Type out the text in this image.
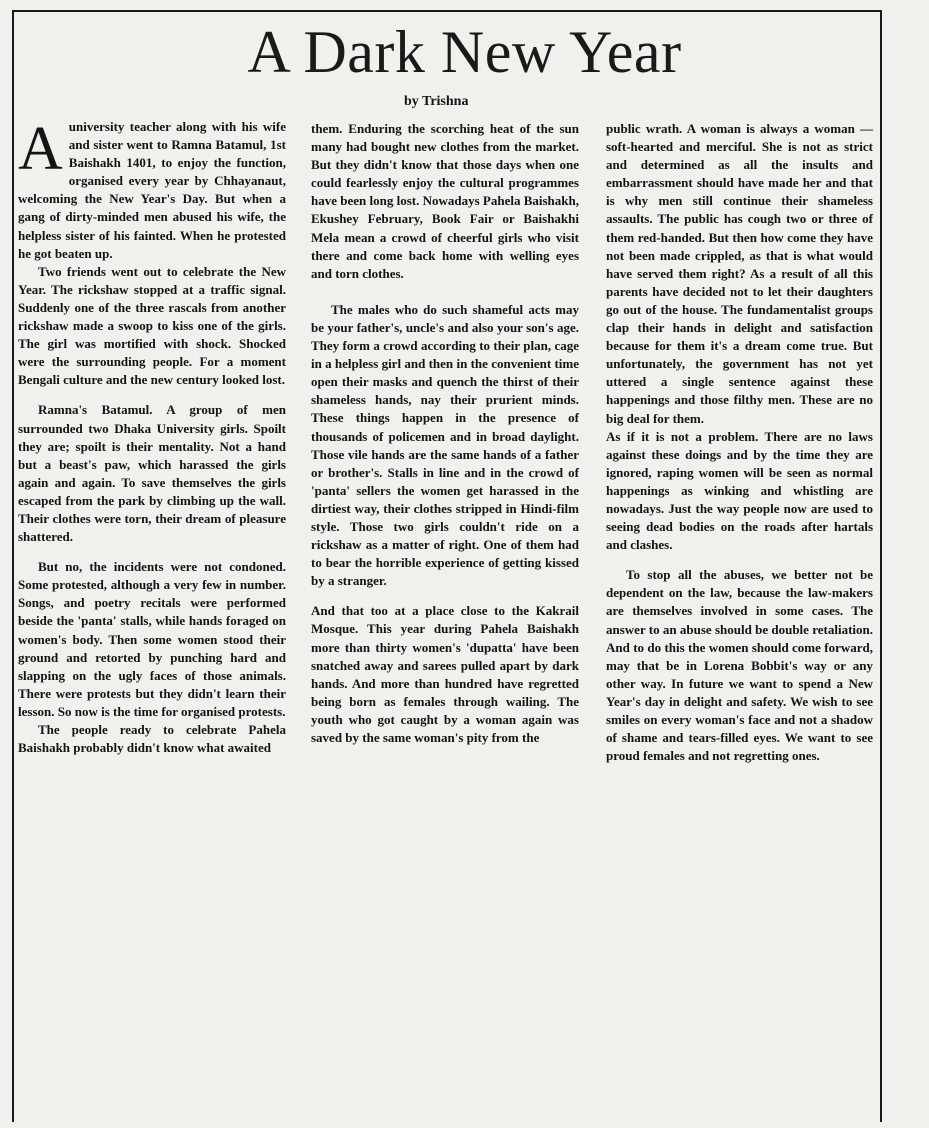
A Dark New Year
by Trishna

Auniversity teacher along with his wife and sister went to Ramna Batamul, 1st Baishakh 1401, to enjoy the function, organised every year by Chhayanaut, welcoming the New Year's Day. But when a gang of dirty-minded men abused his wife, the helpless sister of his fainted. When he protested he got beaten up.

Two friends went out to celebrate the New Year. The rickshaw stopped at a traffic signal. Suddenly one of the three rascals from another rickshaw made a swoop to kiss one of the girls. The girl was mortified with shock. Shocked were the surrounding people. For a moment Bengali culture and the new century looked lost.

Ramna's Batamul. A group of men surrounded two Dhaka University girls. Spoilt they are; spoilt is their mentality. Not a hand but a beast's paw, which harassed the girls again and again. To save themselves the girls escaped from the park by climbing up the wall. Their clothes were torn, their dream of pleasure shattered.

But no, the incidents were not condoned. Some protested, although a very few in number. Songs, and poetry recitals were performed beside the 'panta' stalls, while hands foraged on women's body. Then some women stood their ground and retorted by punching hard and slapping on the ugly faces of those animals. There were protests but they didn't learn their lesson. So now is the time for organised protests.

The people ready to celebrate Pahela Baishakh probably didn't know what awaited

them. Enduring the scorching heat of the sun many had bought new clothes from the market. But they didn't know that those days when one could fearlessly enjoy the cultural programmes have been long lost. Nowadays Pahela Baishakh, Ekushey February, Book Fair or Baishakhi Mela mean a crowd of cheerful girls who visit there and come back home with welling eyes and torn clothes.

The males who do such shameful acts may be your father's, uncle's and also your son's age. They form a crowd according to their plan, cage in a helpless girl and then in the convenient time open their masks and quench the thirst of their shameless hands, nay their prurient minds. These things happen in the presence of thousands of policemen and in broad daylight. Those vile hands are the same hands of a father or brother's. Stalls in line and in the crowd of 'panta' sellers the women get harassed in the dirtiest way, their clothes stripped in Hindi-film style. Those two girls couldn't ride on a rickshaw as a matter of right. One of them had to bear the horrible experience of getting kissed by a stranger.

And that too at a place close to the Kakrail Mosque. This year during Pahela Baishakh more than thirty women's 'dupatta' have been snatched away and sarees pulled apart by dark hands. And more than hundred have regretted being born as females through wailing. The youth who got caught by a woman again was saved by the same woman's pity from the

public wrath. A woman is always a woman — soft-hearted and merciful. She is not as strict and determined as all the insults and embarrassment should have made her and that is why men still continue their shameless assaults. The public has cough two or three of them red-handed. But then how come they have not been made crippled, as that is what would have served them right? As a result of all this parents have decided not to let their daughters go out of the house. The fundamentalist groups clap their hands in delight and satisfaction because for them it's a dream come true. But unfortunately, the government has not yet uttered a single sentence against these happenings and those filthy men. These are no big deal for them.

As if it is not a problem. There are no laws against these doings and by the time they are ignored, raping women will be seen as normal happenings as winking and whistling are nowadays. Just the way people now are used to seeing dead bodies on the roads after hartals and clashes.

To stop all the abuses, we better not be dependent on the law, because the law-makers are themselves involved in some cases. The answer to an abuse should be double retaliation. And to do this the women should come forward, may that be in Lorena Bobbit's way or any other way. In future we want to spend a New Year's day in delight and safety. We wish to see smiles on every woman's face and not a shadow of shame and tears-filled eyes. We want to see proud females and not regretting ones.
